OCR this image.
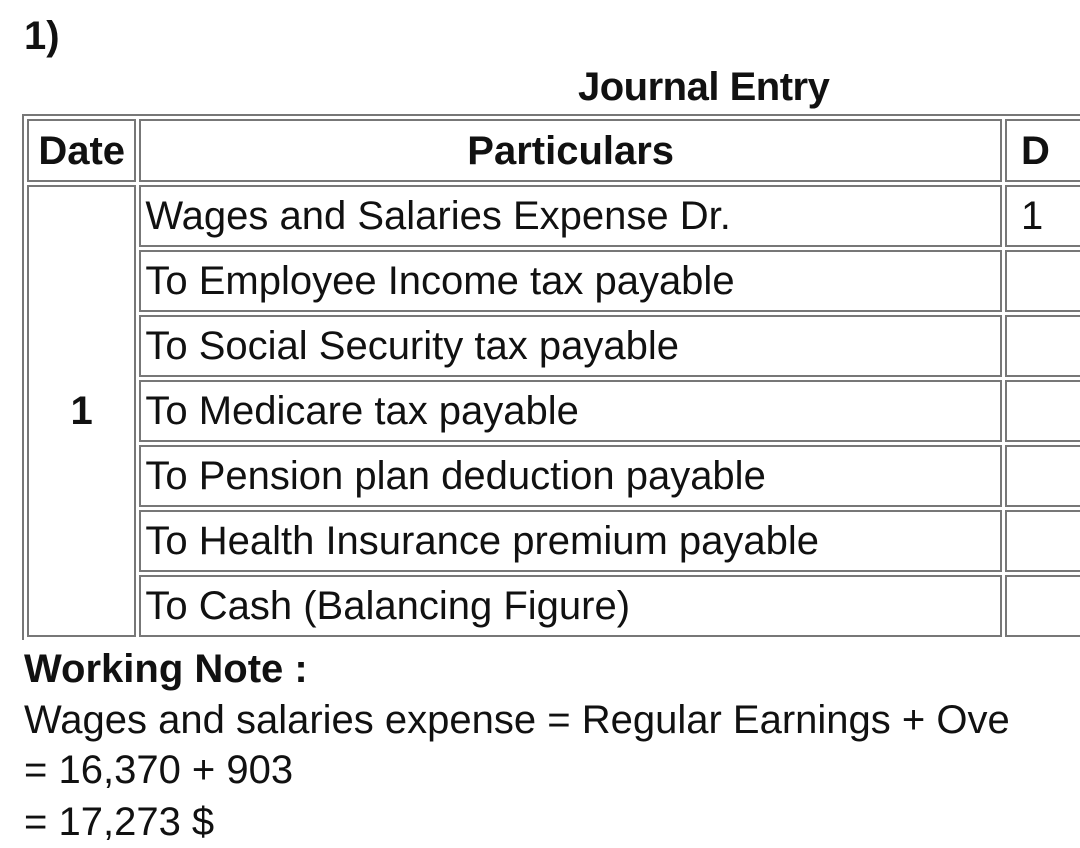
1)
Journal Entry
Date	Particulars	D
1	Wages and Salaries Expense Dr.	1
	To Employee Income tax payable	
	To Social Security tax payable	
	To Medicare tax payable	
	To Pension plan deduction payable	
	To Health Insurance premium payable	
	To Cash (Balancing Figure)	
Working Note :
Wages and salaries expense = Regular Earnings + Ove
= 16,370 + 903
= 17,273 $
